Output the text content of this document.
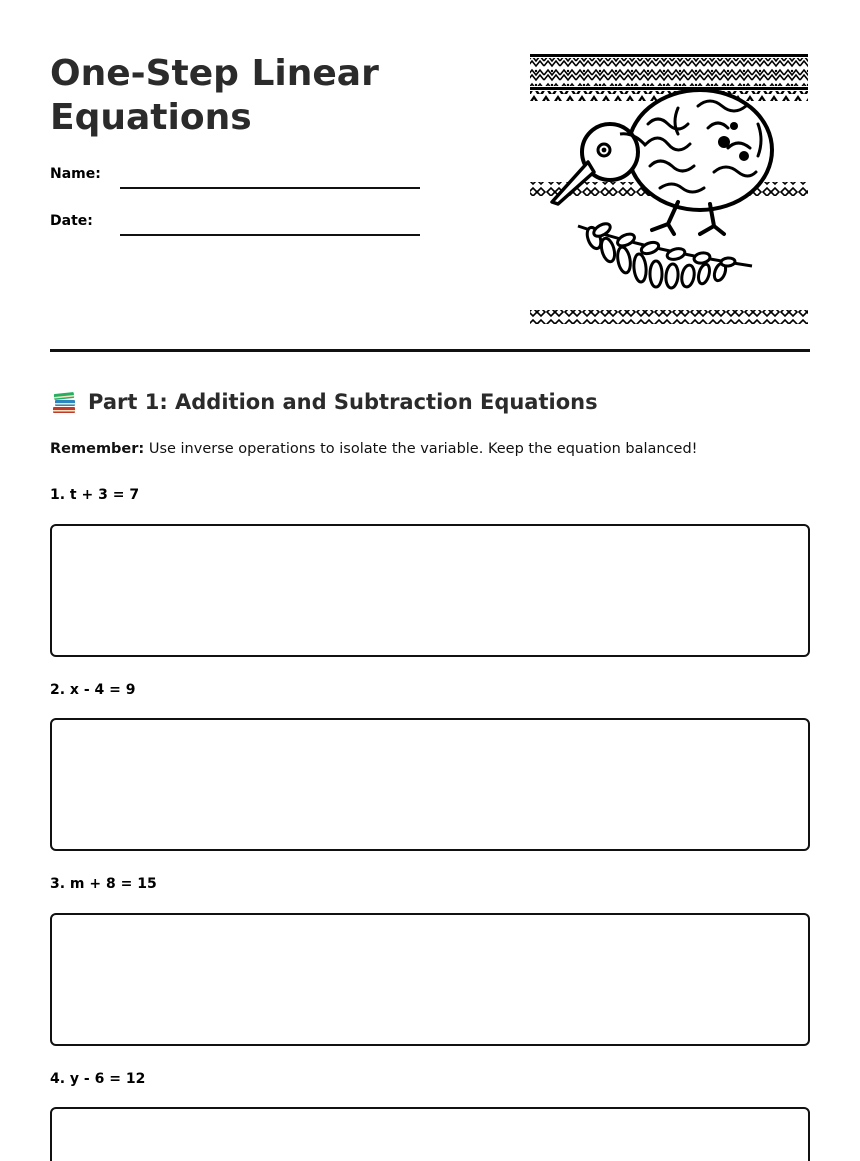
One-Step Linear Equations
Name:
Date:
Part 1: Addition and Subtraction Equations
Remember: Use inverse operations to isolate the variable. Keep the equation balanced!
1. t + 3 = 7
2. x - 4 = 9
3. m + 8 = 15
4. y - 6 = 12
